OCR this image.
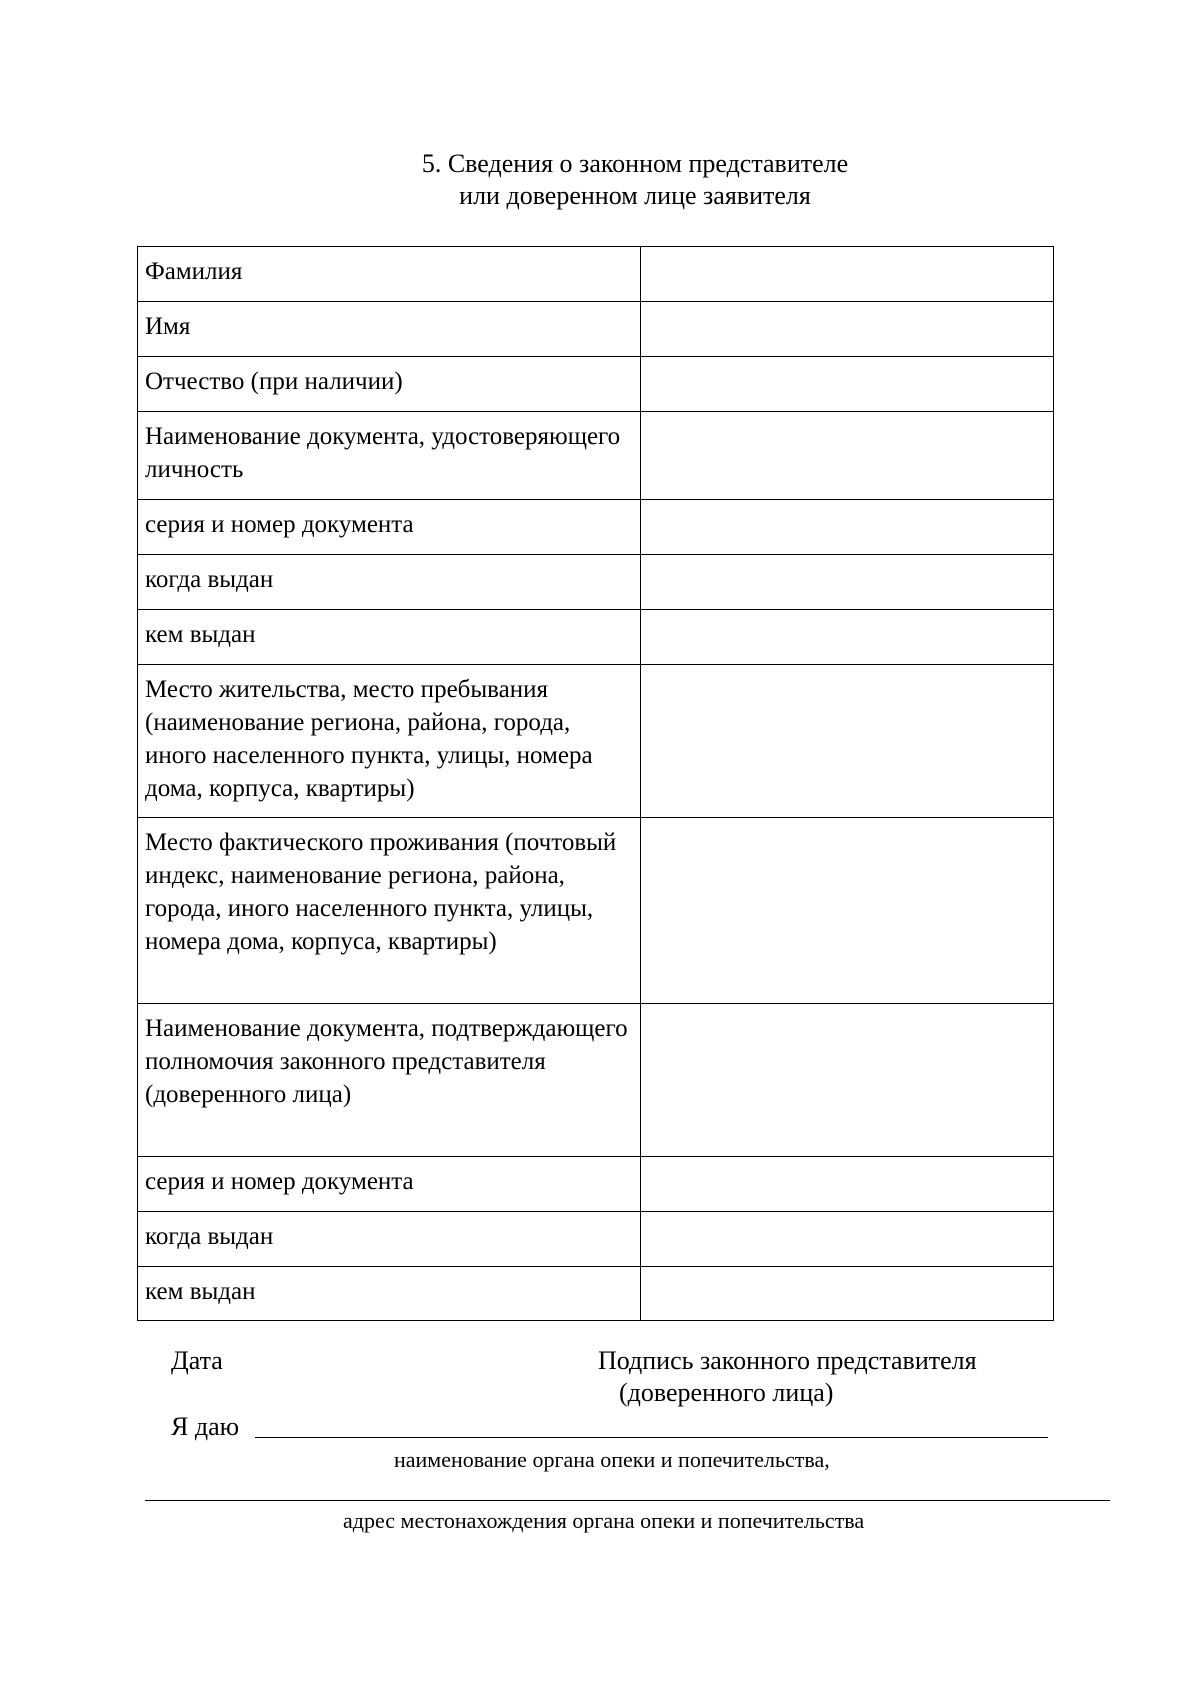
5. Сведения о законном представителе
или доверенном лице заявителя
Фамилия	
Имя	
Отчество (при наличии)	
Наименование документа, удостоверяющего личность	
серия и номер документа	
когда выдан	
кем выдан	
Место жительства, место пребывания (наименование региона, района, города, иного населенного пункта, улицы, номера дома, корпуса, квартиры)	
Место фактического проживания (почтовый индекс, наименование региона, района, города, иного населенного пункта, улицы, номера дома, корпуса, квартиры)	
Наименование документа, подтверждающего полномочия законного представителя (доверенного лица)	
серия и номер документа	
когда выдан	
кем выдан	
Дата	Подпись законного представителя
(доверенного лица)
Я даю
наименование органа опеки и попечительства,
адрес местонахождения органа опеки и попечительства
